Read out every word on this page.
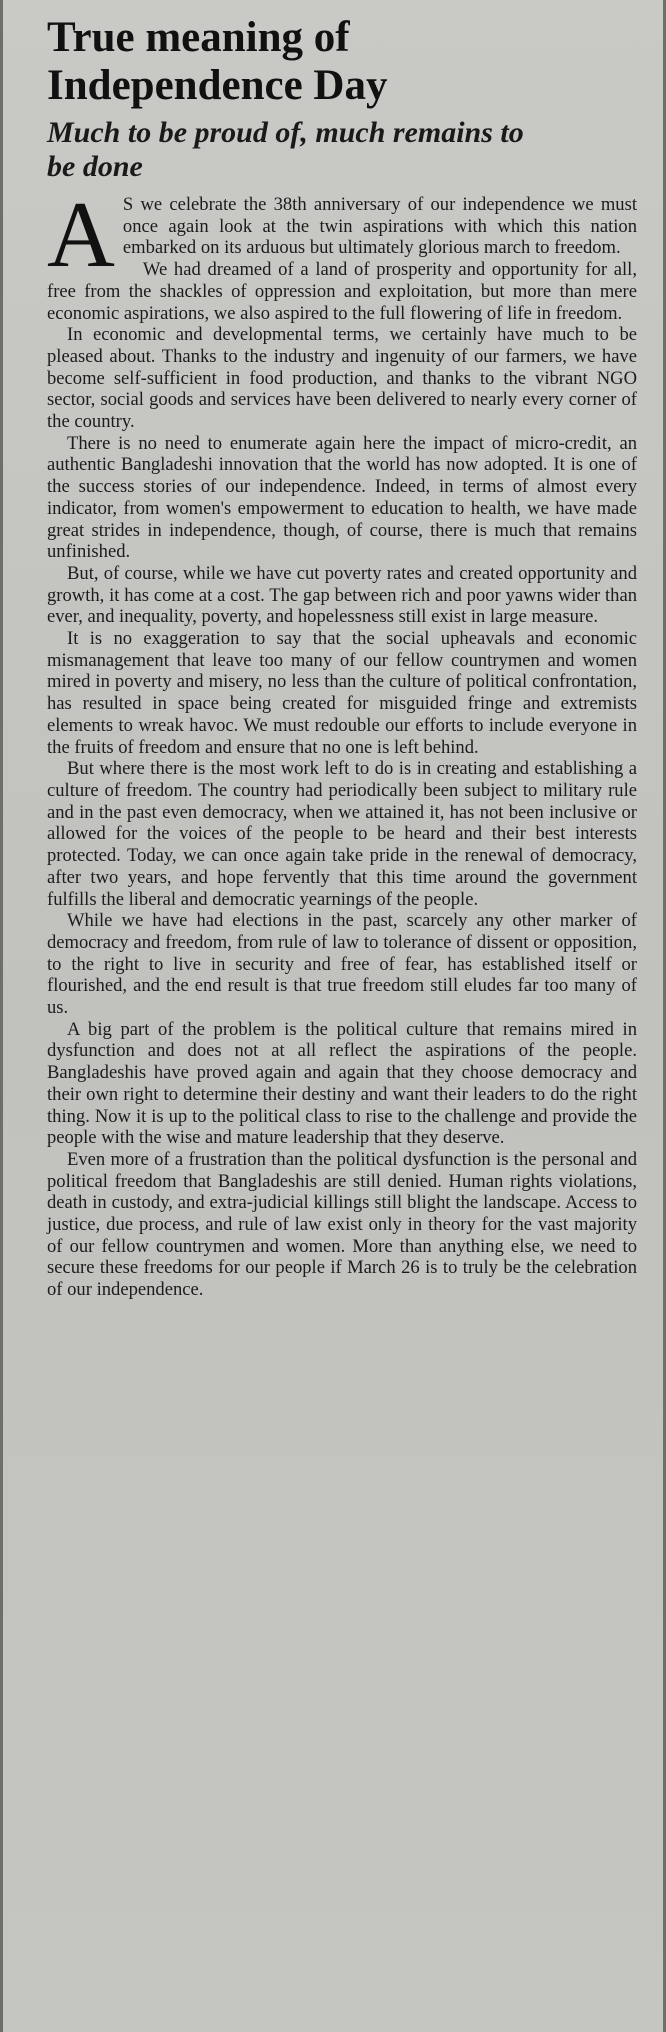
True meaning of
Independence Day
Much to be proud of, much remains to
be done

A S we celebrate the 38th anniversary of our independence we must once again look at the twin aspirations with which this nation embarked on its arduous but ultimately glorious march to freedom.

We had dreamed of a land of prosperity and opportunity for all, free from the shackles of oppression and exploitation, but more than mere economic aspirations, we also aspired to the full flowering of life in freedom.

In economic and developmental terms, we certainly have much to be pleased about. Thanks to the industry and ingenuity of our farmers, we have become self-sufficient in food production, and thanks to the vibrant NGO sector, social goods and services have been delivered to nearly every corner of the country.

There is no need to enumerate again here the impact of micro-credit, an authentic Bangladeshi innovation that the world has now adopted. It is one of the success stories of our independence. Indeed, in terms of almost every indicator, from women's empowerment to education to health, we have made great strides in independence, though, of course, there is much that remains unfinished.

But, of course, while we have cut poverty rates and created opportunity and growth, it has come at a cost. The gap between rich and poor yawns wider than ever, and inequality, poverty, and hopelessness still exist in large measure.

It is no exaggeration to say that the social upheavals and economic mismanagement that leave too many of our fellow countrymen and women mired in poverty and misery, no less than the culture of political confrontation, has resulted in space being created for misguided fringe and extremists elements to wreak havoc. We must redouble our efforts to include everyone in the fruits of freedom and ensure that no one is left behind.

But where there is the most work left to do is in creating and establishing a culture of freedom. The country had periodically been subject to military rule and in the past even democracy, when we attained it, has not been inclusive or allowed for the voices of the people to be heard and their best interests protected. Today, we can once again take pride in the renewal of democracy, after two years, and hope fervently that this time around the government fulfills the liberal and democratic yearnings of the people.

While we have had elections in the past, scarcely any other marker of democracy and freedom, from rule of law to tolerance of dissent or opposition, to the right to live in security and free of fear, has established itself or flourished, and the end result is that true freedom still eludes far too many of us.

A big part of the problem is the political culture that remains mired in dysfunction and does not at all reflect the aspirations of the people. Bangladeshis have proved again and again that they choose democracy and their own right to determine their destiny and want their leaders to do the right thing. Now it is up to the political class to rise to the challenge and provide the people with the wise and mature leadership that they deserve.

Even more of a frustration than the political dysfunction is the personal and political freedom that Bangladeshis are still denied. Human rights violations, death in custody, and extra-judicial killings still blight the landscape. Access to justice, due process, and rule of law exist only in theory for the vast majority of our fellow countrymen and women. More than anything else, we need to secure these freedoms for our people if March 26 is to truly be the celebration of our independence.
